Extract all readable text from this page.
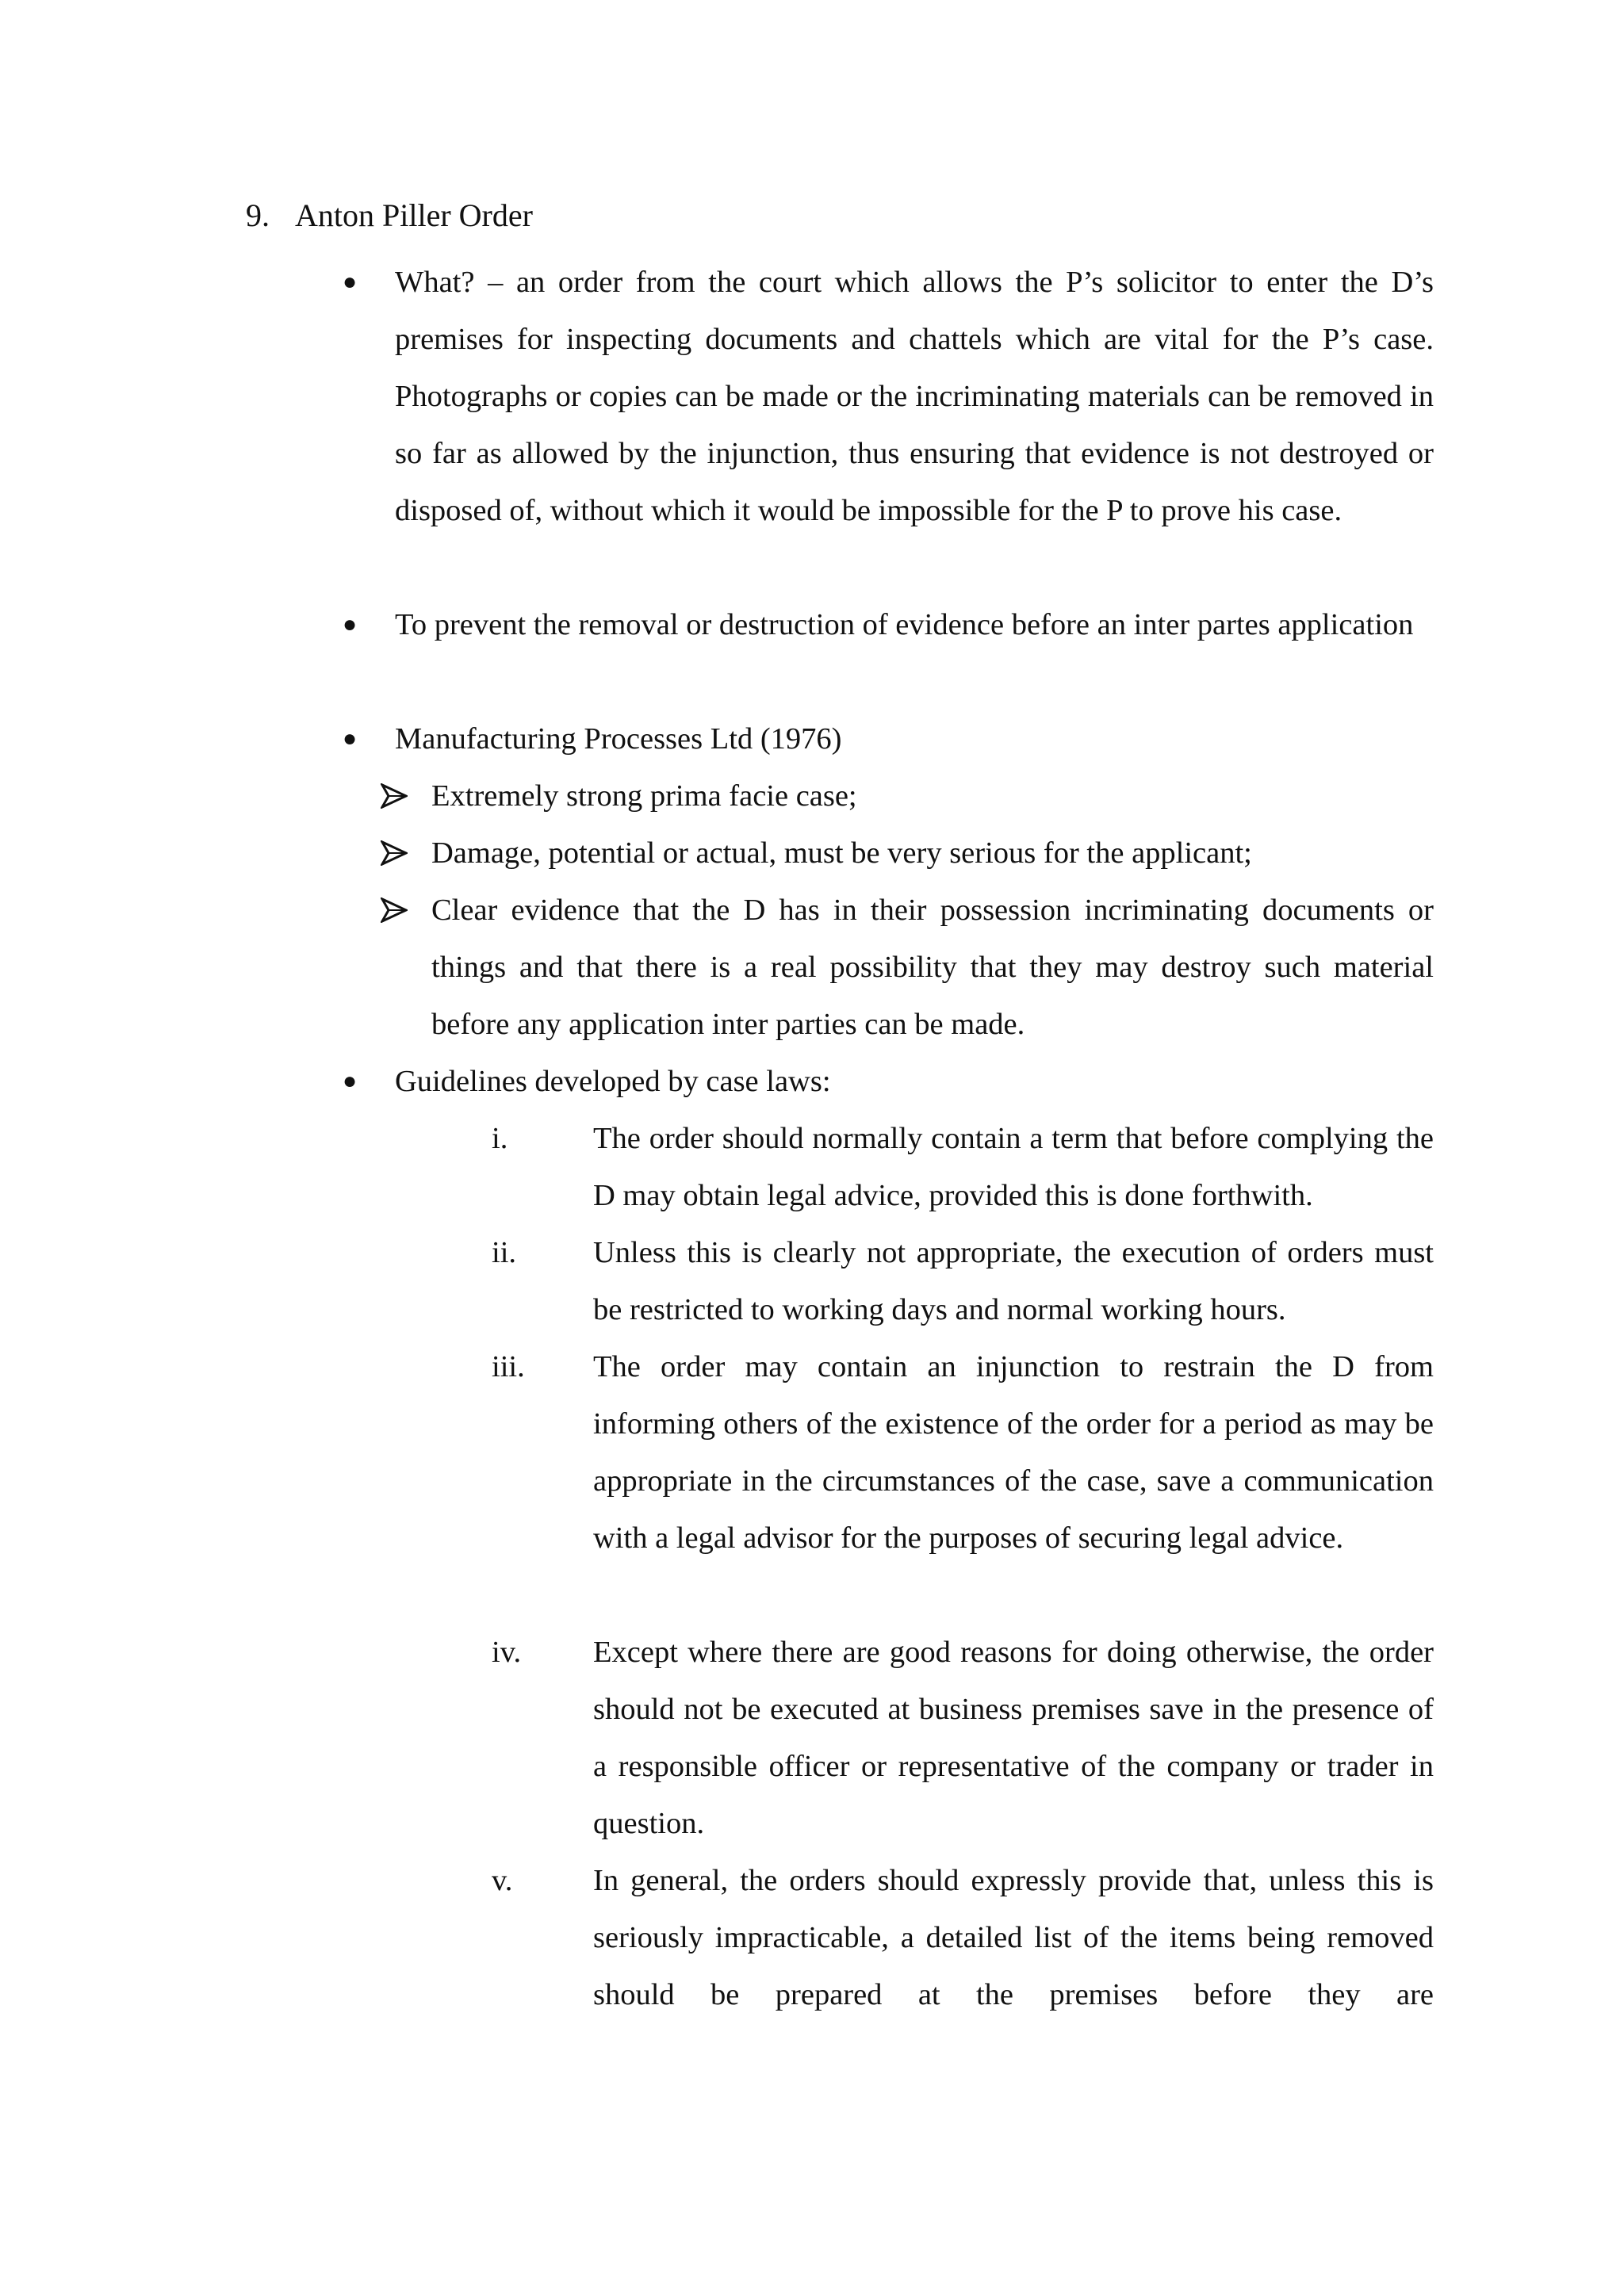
9. Anton Piller Order
● What? – an order from the court which allows the P’s solicitor to enter the D’s premises for inspecting documents and chattels which are vital for the P’s case. Photographs or copies can be made or the incriminating materials can be removed in so far as allowed by the injunction, thus ensuring that evidence is not destroyed or disposed of, without which it would be impossible for the P to prove his case.
● To prevent the removal or destruction of evidence before an inter partes application
● Manufacturing Processes Ltd (1976)
Extremely strong prima facie case;
Damage, potential or actual, must be very serious for the applicant;
Clear evidence that the D has in their possession incriminating documents or things and that there is a real possibility that they may destroy such material before any application inter parties can be made.
● Guidelines developed by case laws:
i.	The order should normally contain a term that before complying the D may obtain legal advice, provided this is done forthwith.
ii.	Unless this is clearly not appropriate, the execution of orders must be restricted to working days and normal working hours.
iii. The order may contain an injunction to restrain the D from informing others of the existence of the order for a period as may be appropriate in the circumstances of the case, save a communication with a legal advisor for the purposes of securing legal advice.
iv. Except where there are good reasons for doing otherwise, the order should not be executed at business premises save in the presence of a responsible officer or representative of the company or trader in question.
v.	In general, the orders should expressly provide that, unless this is seriously impracticable, a detailed list of the items being removed should be prepared at the premises before they are
